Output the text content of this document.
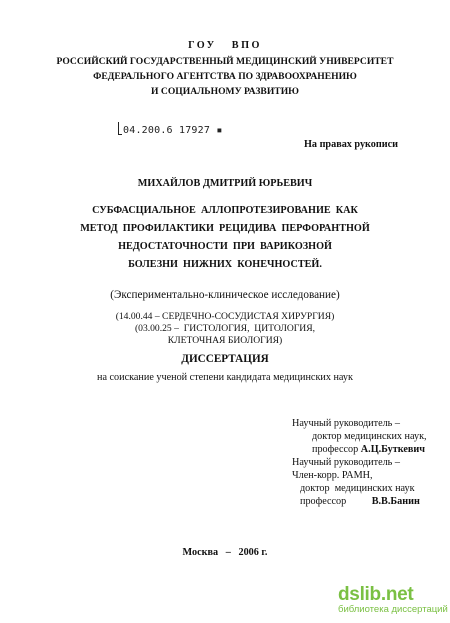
ГОУ   ВПО
РОССИЙСКИЙ ГОСУДАРСТВЕННЫЙ МЕДИЦИНСКИЙ УНИВЕРСИТЕТ
ФЕДЕРАЛЬНОГО АГЕНТСТВА ПО ЗДРАВООХРАНЕНИЮ
И СОЦИАЛЬНОМУ РАЗВИТИЮ
04.200.6 17927 ▪
На правах рукописи
МИХАЙЛОВ ДМИТРИЙ ЮРЬЕВИЧ
СУБФАСЦИАЛЬНОЕ  АЛЛОПРОТЕЗИРОВАНИЕ  КАК
МЕТОД  ПРОФИЛАКТИКИ  РЕЦИДИВА  ПЕРФОРАНТНОЙ
НЕДОСТАТОЧНОСТИ  ПРИ  ВАРИКОЗНОЙ
БОЛЕЗНИ  НИЖНИХ  КОНЕЧНОСТЕЙ.
(Экспериментально-клиническое исследование)
(14.00.44 – СЕРДЕЧНО-СОСУДИСТАЯ ХИРУРГИЯ)
(03.00.25 –  ГИСТОЛОГИЯ,  ЦИТОЛОГИЯ,
КЛЕТОЧНАЯ БИОЛОГИЯ)
ДИССЕРТАЦИЯ
на соискание ученой степени кандидата медицинских наук
Научный руководитель –
доктор медицинских наук,
профессор А.Ц.Буткевич
Научный руководитель –
Член-корр. РАМН,
доктор  медицинских наук
профессор          В.В.Банин
Москва   –   2006 г.
dslib.net
библиотека диссертаций
